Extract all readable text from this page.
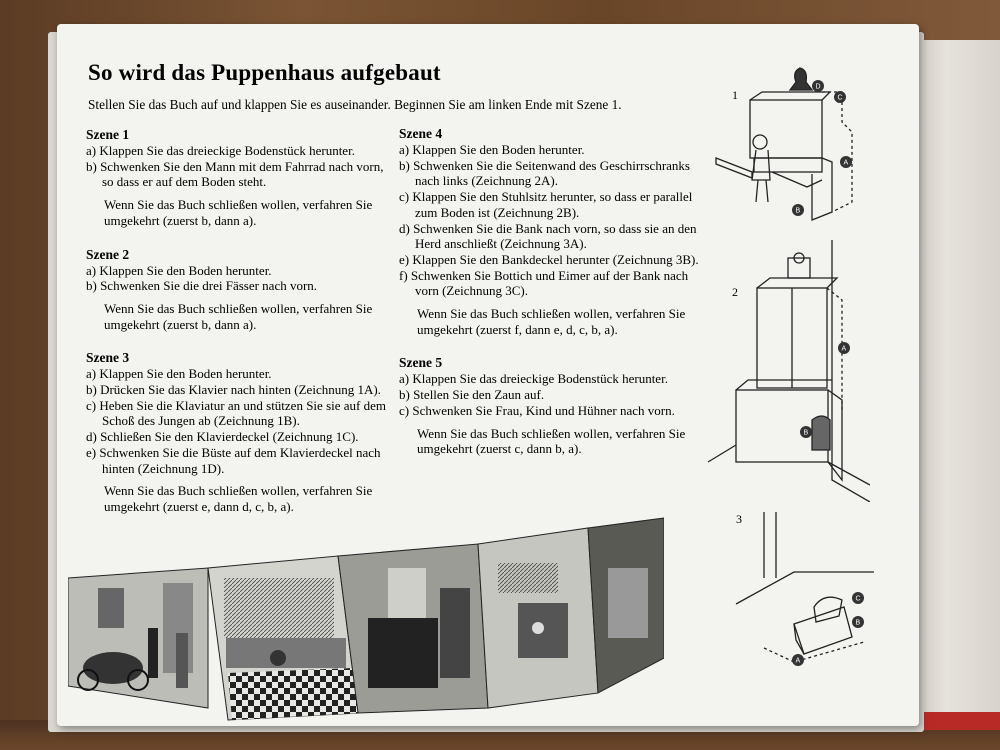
So wird das Puppenhaus aufgebaut
Stellen Sie das Buch auf und klappen Sie es auseinander. Beginnen Sie am linken Ende mit Szene 1.
Szene 1

a) Klappen Sie das dreieckige Bodenstück herunter.

b) Schwenken Sie den Mann mit dem Fahrrad nach vorn, so dass er auf dem Boden steht.

Wenn Sie das Buch schließen wollen, verfahren Sie umgekehrt (zuerst b, dann a).

Szene 2

a) Klappen Sie den Boden herunter.

b) Schwenken Sie die drei Fässer nach vorn.

Wenn Sie das Buch schließen wollen, verfahren Sie umgekehrt (zuerst b, dann a).

Szene 3

a) Klappen Sie den Boden herunter.

b) Drücken Sie das Klavier nach hinten (Zeichnung 1A).

c) Heben Sie die Klaviatur an und stützen Sie sie auf dem Schoß des Jungen ab (Zeichnung 1B).

d) Schließen Sie den Klavierdeckel (Zeichnung 1C).

e) Schwenken Sie die Büste auf dem Klavierdeckel nach hinten (Zeichnung 1D).

Wenn Sie das Buch schließen wollen, verfahren Sie umgekehrt (zuerst e, dann d, c, b, a).

Szene 4

a) Klappen Sie den Boden herunter.

b) Schwenken Sie die Seitenwand des Geschirrschranks nach links (Zeichnung 2A).

c) Klappen Sie den Stuhlsitz herunter, so dass er parallel zum Boden ist (Zeichnung 2B).

d) Schwenken Sie die Bank nach vorn, so dass sie an den Herd anschließt (Zeichnung 3A).

e) Klappen Sie den Bankdeckel herunter (Zeichnung 3B).

f) Schwenken Sie Bottich und Eimer auf der Bank nach vorn (Zeichnung 3C).

Wenn Sie das Buch schließen wollen, verfahren Sie umgekehrt (zuerst f, dann e, d, c, b, a).

Szene 5

a) Klappen Sie das dreieckige Bodenstück herunter.

b) Stellen Sie den Zaun auf.

c) Schwenken Sie Frau, Kind und Hühner nach vorn.

Wenn Sie das Buch schließen wollen, verfahren Sie umgekehrt (zuerst c, dann b, a).

1	C
D
A
B
2
A
B
3
C
B
A
